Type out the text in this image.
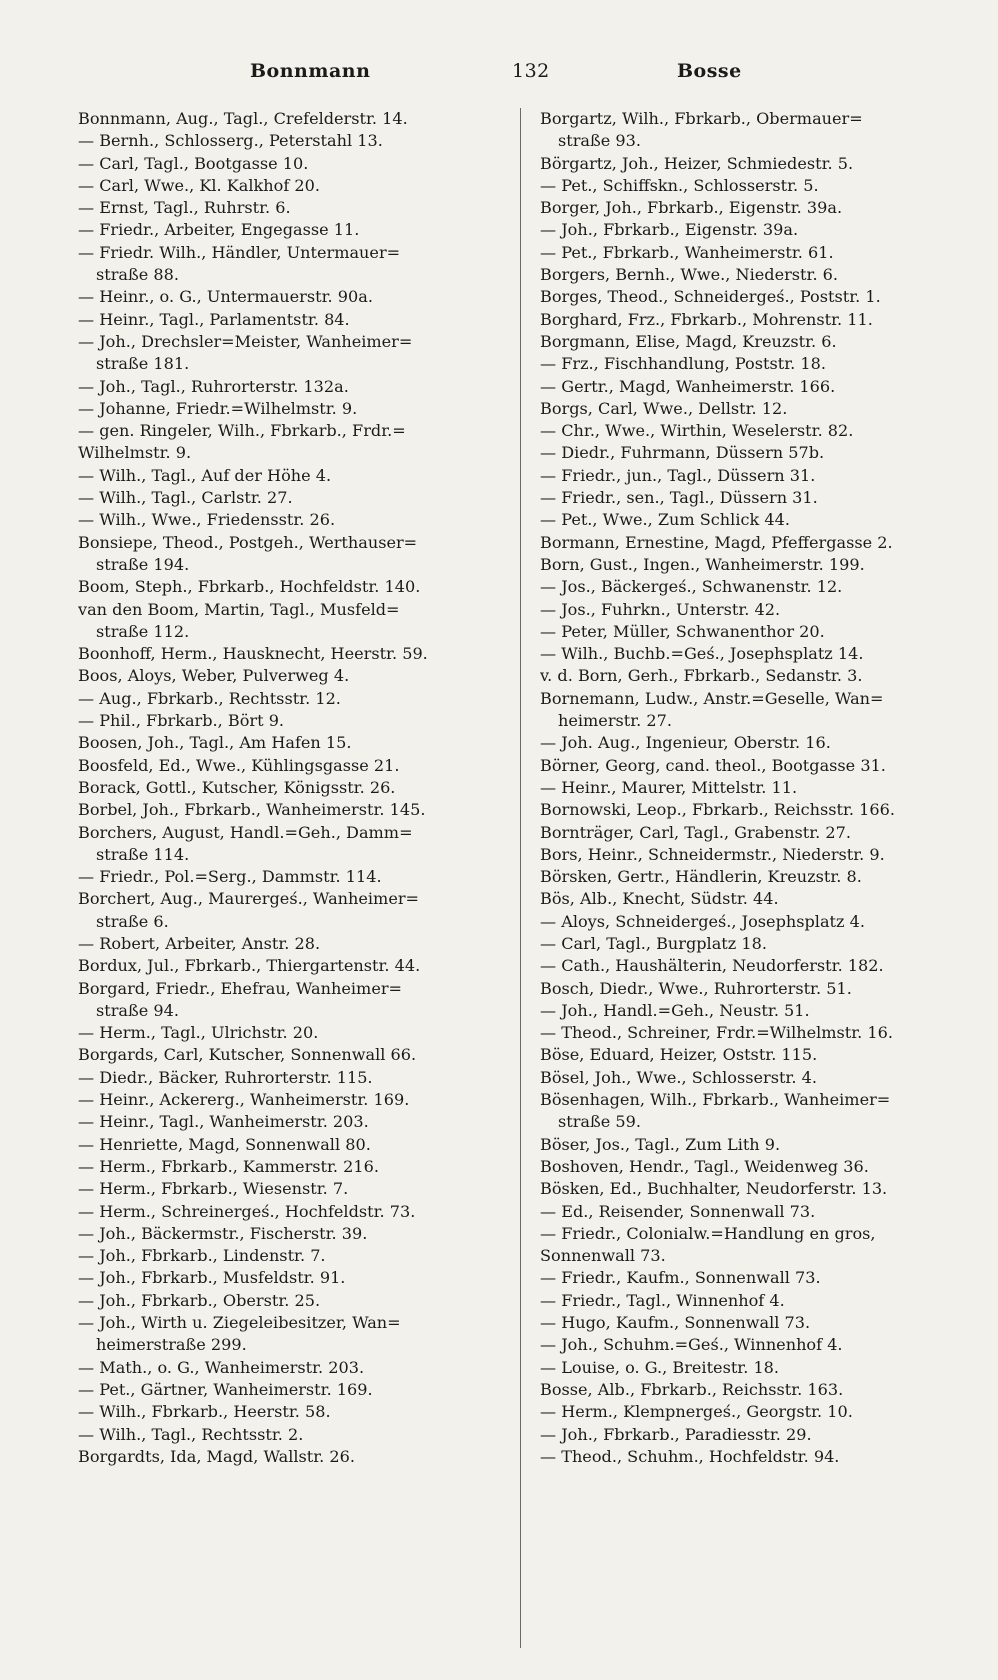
Bonnmann	132	Bosse
Bonnmann, Aug., Tagl., Crefelderstr. 14.
— Bernh., Schlosserg., Peterstahl 13.
— Carl, Tagl., Bootgasse 10.
— Carl, Wwe., Kl. Kalkhof 20.
— Ernst, Tagl., Ruhrstr. 6.
— Friedr., Arbeiter, Engegasse 11.
— Friedr. Wilh., Händler, Untermauer=
straße 88.
— Heinr., o. G., Untermauerstr. 90a.
— Heinr., Tagl., Parlamentstr. 84.
— Joh., Drechsler=Meister, Wanheimer=
straße 181.
— Joh., Tagl., Ruhrorterstr. 132a.
— Johanne, Friedr.=Wilhelmstr. 9.
— gen. Ringeler, Wilh., Fbrkarb., Frdr.=
Wilhelmstr. 9.
— Wilh., Tagl., Auf der Höhe 4.
— Wilh., Tagl., Carlstr. 27.
— Wilh., Wwe., Friedensstr. 26.
Bonsiepe, Theod., Postgeh., Werthauser=
straße 194.
Boom, Steph., Fbrkarb., Hochfeldstr. 140.
van den Boom, Martin, Tagl., Musfeld=
straße 112.
Boonhoff, Herm., Hausknecht, Heerstr. 59.
Boos, Aloys, Weber, Pulverweg 4.
— Aug., Fbrkarb., Rechtsstr. 12.
— Phil., Fbrkarb., Bört 9.
Boosen, Joh., Tagl., Am Hafen 15.
Boosfeld, Ed., Wwe., Kühlingsgasse 21.
Borack, Gottl., Kutscher, Königsstr. 26.
Borbel, Joh., Fbrkarb., Wanheimerstr. 145.
Borchers, August, Handl.=Geh., Damm=
straße 114.
— Friedr., Pol.=Serg., Dammstr. 114.
Borchert, Aug., Maurergeś., Wanheimer=
straße 6.
— Robert, Arbeiter, Anstr. 28.
Bordux, Jul., Fbrkarb., Thiergartenstr. 44.
Borgard, Friedr., Ehefrau, Wanheimer=
straße 94.
— Herm., Tagl., Ulrichstr. 20.
Borgards, Carl, Kutscher, Sonnenwall 66.
— Diedr., Bäcker, Ruhrorterstr. 115.
— Heinr., Ackererg., Wanheimerstr. 169.
— Heinr., Tagl., Wanheimerstr. 203.
— Henriette, Magd, Sonnenwall 80.
— Herm., Fbrkarb., Kammerstr. 216.
— Herm., Fbrkarb., Wiesenstr. 7.
— Herm., Schreinergeś., Hochfeldstr. 73.
— Joh., Bäckermstr., Fischerstr. 39.
— Joh., Fbrkarb., Lindenstr. 7.
— Joh., Fbrkarb., Musfeldstr. 91.
— Joh., Fbrkarb., Oberstr. 25.
— Joh., Wirth u. Ziegeleibesitzer, Wan=
heimerstraße 299.
— Math., o. G., Wanheimerstr. 203.
— Pet., Gärtner, Wanheimerstr. 169.
— Wilh., Fbrkarb., Heerstr. 58.
— Wilh., Tagl., Rechtsstr. 2.
Borgardts, Ida, Magd, Wallstr. 26.
Borgartz, Wilh., Fbrkarb., Obermauer=
straße 93.
Börgartz, Joh., Heizer, Schmiedestr. 5.
— Pet., Schiffskn., Schlosserstr. 5.
Borger, Joh., Fbrkarb., Eigenstr. 39a.
— Joh., Fbrkarb., Eigenstr. 39a.
— Pet., Fbrkarb., Wanheimerstr. 61.
Borgers, Bernh., Wwe., Niederstr. 6.
Borges, Theod., Schneidergeś., Poststr. 1.
Borghard, Frz., Fbrkarb., Mohrenstr. 11.
Borgmann, Elise, Magd, Kreuzstr. 6.
— Frz., Fischhandlung, Poststr. 18.
— Gertr., Magd, Wanheimerstr. 166.
Borgs, Carl, Wwe., Dellstr. 12.
— Chr., Wwe., Wirthin, Weselerstr. 82.
— Diedr., Fuhrmann, Düssern 57b.
— Friedr., jun., Tagl., Düssern 31.
— Friedr., sen., Tagl., Düssern 31.
— Pet., Wwe., Zum Schlick 44.
Bormann, Ernestine, Magd, Pfeffergasse 2.
Born, Gust., Ingen., Wanheimerstr. 199.
— Jos., Bäckergeś., Schwanenstr. 12.
— Jos., Fuhrkn., Unterstr. 42.
— Peter, Müller, Schwanenthor 20.
— Wilh., Buchb.=Geś., Josephsplatz 14.
v. d. Born, Gerh., Fbrkarb., Sedanstr. 3.
Bornemann, Ludw., Anstr.=Geselle, Wan=
heimerstr. 27.
— Joh. Aug., Ingenieur, Oberstr. 16.
Börner, Georg, cand. theol., Bootgasse 31.
— Heinr., Maurer, Mittelstr. 11.
Bornowski, Leop., Fbrkarb., Reichsstr. 166.
Bornträger, Carl, Tagl., Grabenstr. 27.
Bors, Heinr., Schneidermstr., Niederstr. 9.
Börsken, Gertr., Händlerin, Kreuzstr. 8.
Bös, Alb., Knecht, Südstr. 44.
— Aloys, Schneidergeś., Josephsplatz 4.
— Carl, Tagl., Burgplatz 18.
— Cath., Haushälterin, Neudorferstr. 182.
Bosch, Diedr., Wwe., Ruhrorterstr. 51.
— Joh., Handl.=Geh., Neustr. 51.
— Theod., Schreiner, Frdr.=Wilhelmstr. 16.
Böse, Eduard, Heizer, Oststr. 115.
Bösel, Joh., Wwe., Schlosserstr. 4.
Bösenhagen, Wilh., Fbrkarb., Wanheimer=
straße 59.
Böser, Jos., Tagl., Zum Lith 9.
Boshoven, Hendr., Tagl., Weidenweg 36.
Bösken, Ed., Buchhalter, Neudorferstr. 13.
— Ed., Reisender, Sonnenwall 73.
— Friedr., Colonialw.=Handlung en gros,
Sonnenwall 73.
— Friedr., Kaufm., Sonnenwall 73.
— Friedr., Tagl., Winnenhof 4.
— Hugo, Kaufm., Sonnenwall 73.
— Joh., Schuhm.=Geś., Winnenhof 4.
— Louise, o. G., Breitestr. 18.
Bosse, Alb., Fbrkarb., Reichsstr. 163.
— Herm., Klempnergeś., Georgstr. 10.
— Joh., Fbrkarb., Paradiesstr. 29.
— Theod., Schuhm., Hochfeldstr. 94.
